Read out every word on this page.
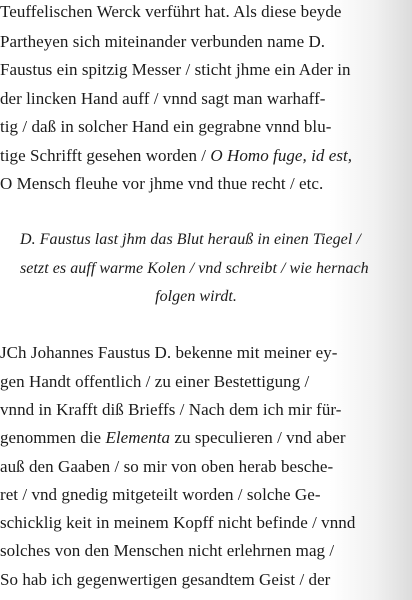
Teuffelischen Werck verführt hat. Als diese beyde
Partheyen sich miteinander verbunden name D.
Faustus ein spitzig Messer / sticht jhme ein Ader in
der lincken Hand auff / vnnd sagt man warhaff-
tig / daß in solcher Hand ein gegrabne vnnd blu-
tige Schrifft gesehen worden / O Homo fuge, id est,
O Mensch fleuhe vor jhme vnd thue recht / etc.
D. Faustus last jhm das Blut herauß in einen Tiegel /
setzt es auff warme Kolen / vnd schreibt / wie hernach
folgen wirdt.
JCh Johannes Faustus D. bekenne mit meiner ey-
gen Handt offentlich / zu einer Bestettigung /
vnnd in Krafft diß Brieffs / Nach dem ich mir für-
genommen die Elementa zu speculieren / vnd aber
auß den Gaaben / so mir von oben herab besche-
ret / vnd gnedig mitgeteilt worden / solche Ge-
schicklig keit in meinem Kopff nicht befinde / vnnd
solches von den Menschen nicht erlehrnen mag /
So hab ich gegenwertigen gesandtem Geist / der
